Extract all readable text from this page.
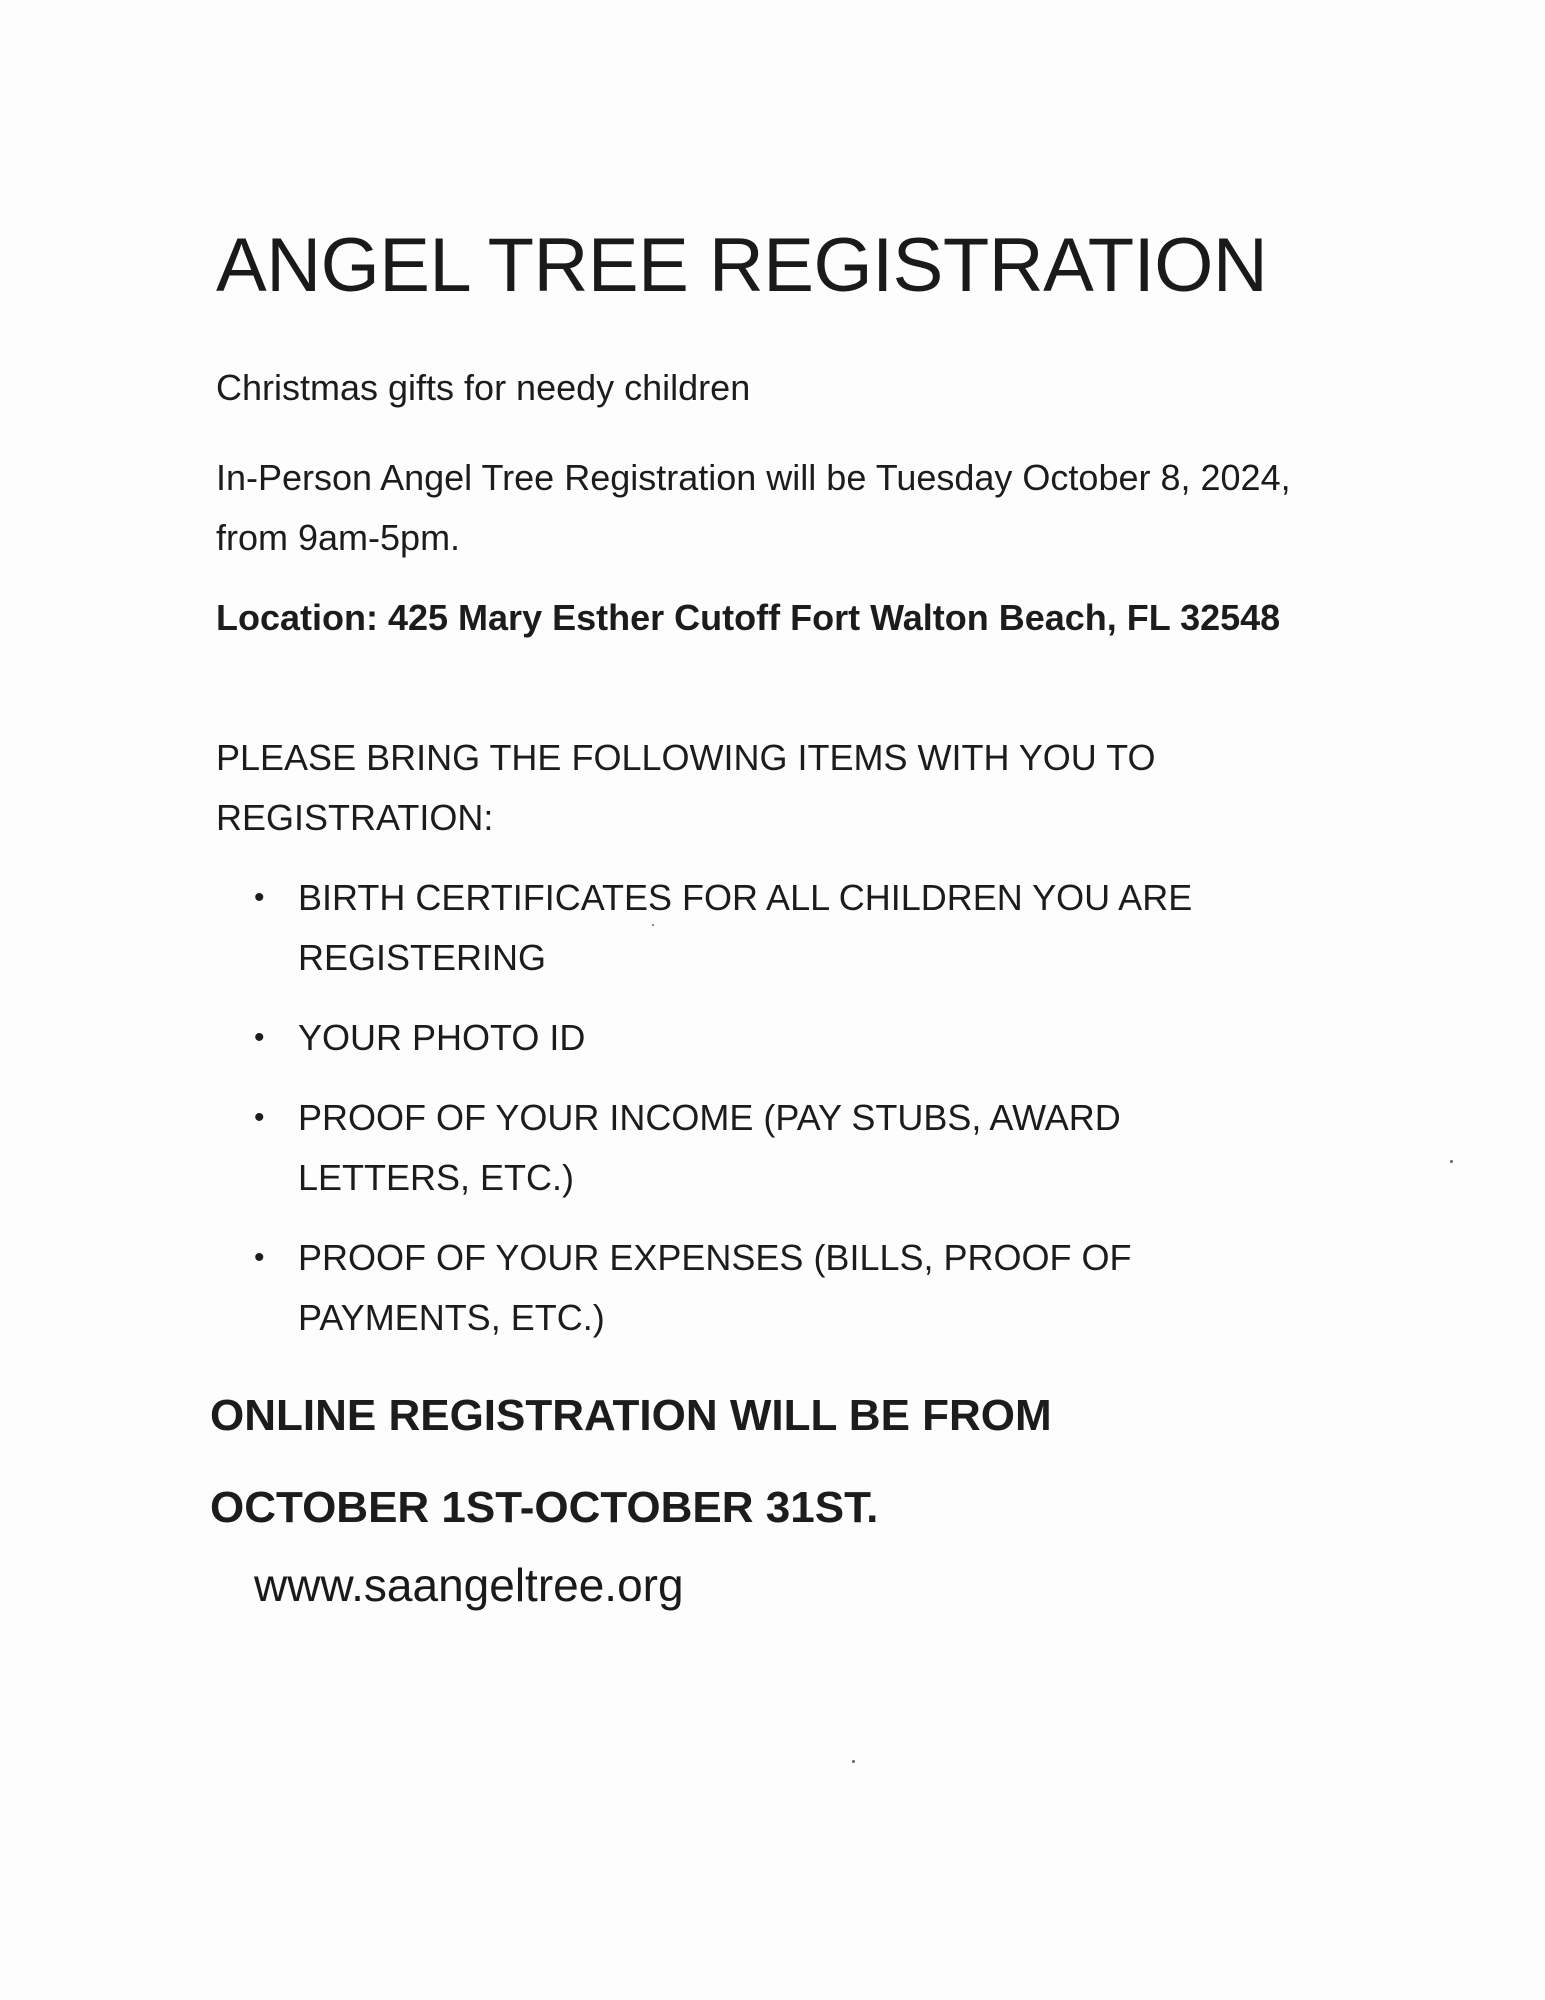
ANGEL TREE REGISTRATION
Christmas gifts for needy children

In-Person Angel Tree Registration will be Tuesday October 8, 2024, from 9am-5pm.

Location: 425 Mary Esther Cutoff Fort Walton Beach, FL 32548

PLEASE BRING THE FOLLOWING ITEMS WITH YOU TO REGISTRATION:

• BIRTH CERTIFICATES FOR ALL CHILDREN YOU ARE REGISTERING
• YOUR PHOTO ID
• PROOF OF YOUR INCOME (PAY STUBS, AWARD LETTERS, ETC.)
• PROOF OF YOUR EXPENSES (BILLS, PROOF OF PAYMENTS, ETC.)
ONLINE REGISTRATION WILL BE FROM
OCTOBER 1ST-OCTOBER 31ST.
www.saangeltree.org
